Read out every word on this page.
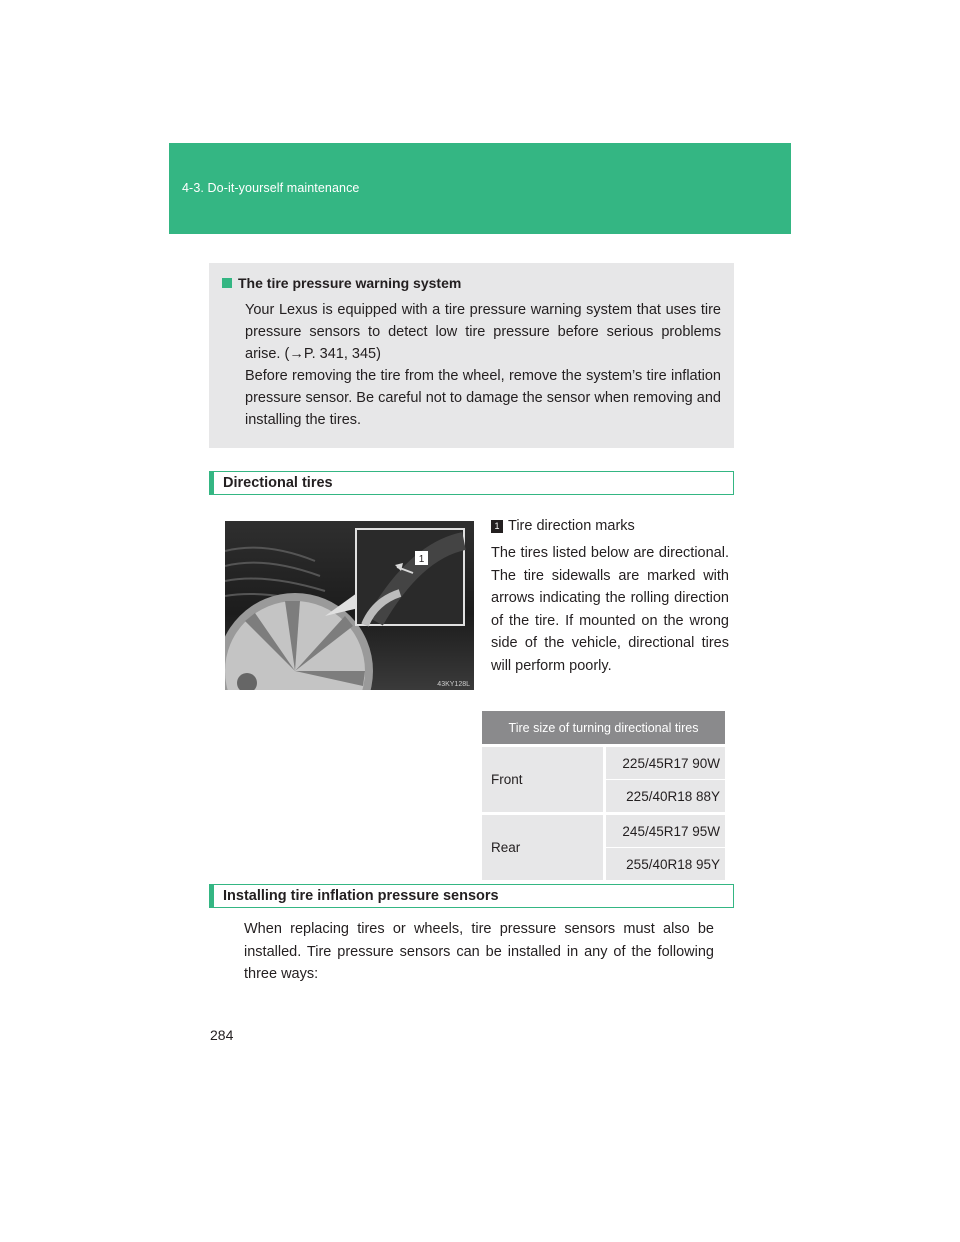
4-3. Do-it-yourself maintenance
The tire pressure warning system

Your Lexus is equipped with a tire pressure warning system that uses tire pressure sensors to detect low tire pressure before serious problems arise. (→P. 341, 345)

Before removing the tire from the wheel, remove the system’s tire inflation pressure sensor. Be careful not to damage the sensor when removing and installing the tires.

Directional tires
1
43KY128L
1 Tire direction marks
The tires listed below are directional. The tire sidewalls are marked with arrows indicating the rolling direction of the tire. If mounted on the wrong side of the vehicle, directional tires will perform poorly.
Tire size of turning directional tires	
Front	225/45R17 90W
	225/40R18 88Y
Rear	245/45R17 95W
	255/40R18 95Y
Installing tire inflation pressure sensors
When replacing tires or wheels, tire pressure sensors must also be installed. Tire pressure sensors can be installed in any of the following three ways:
284
